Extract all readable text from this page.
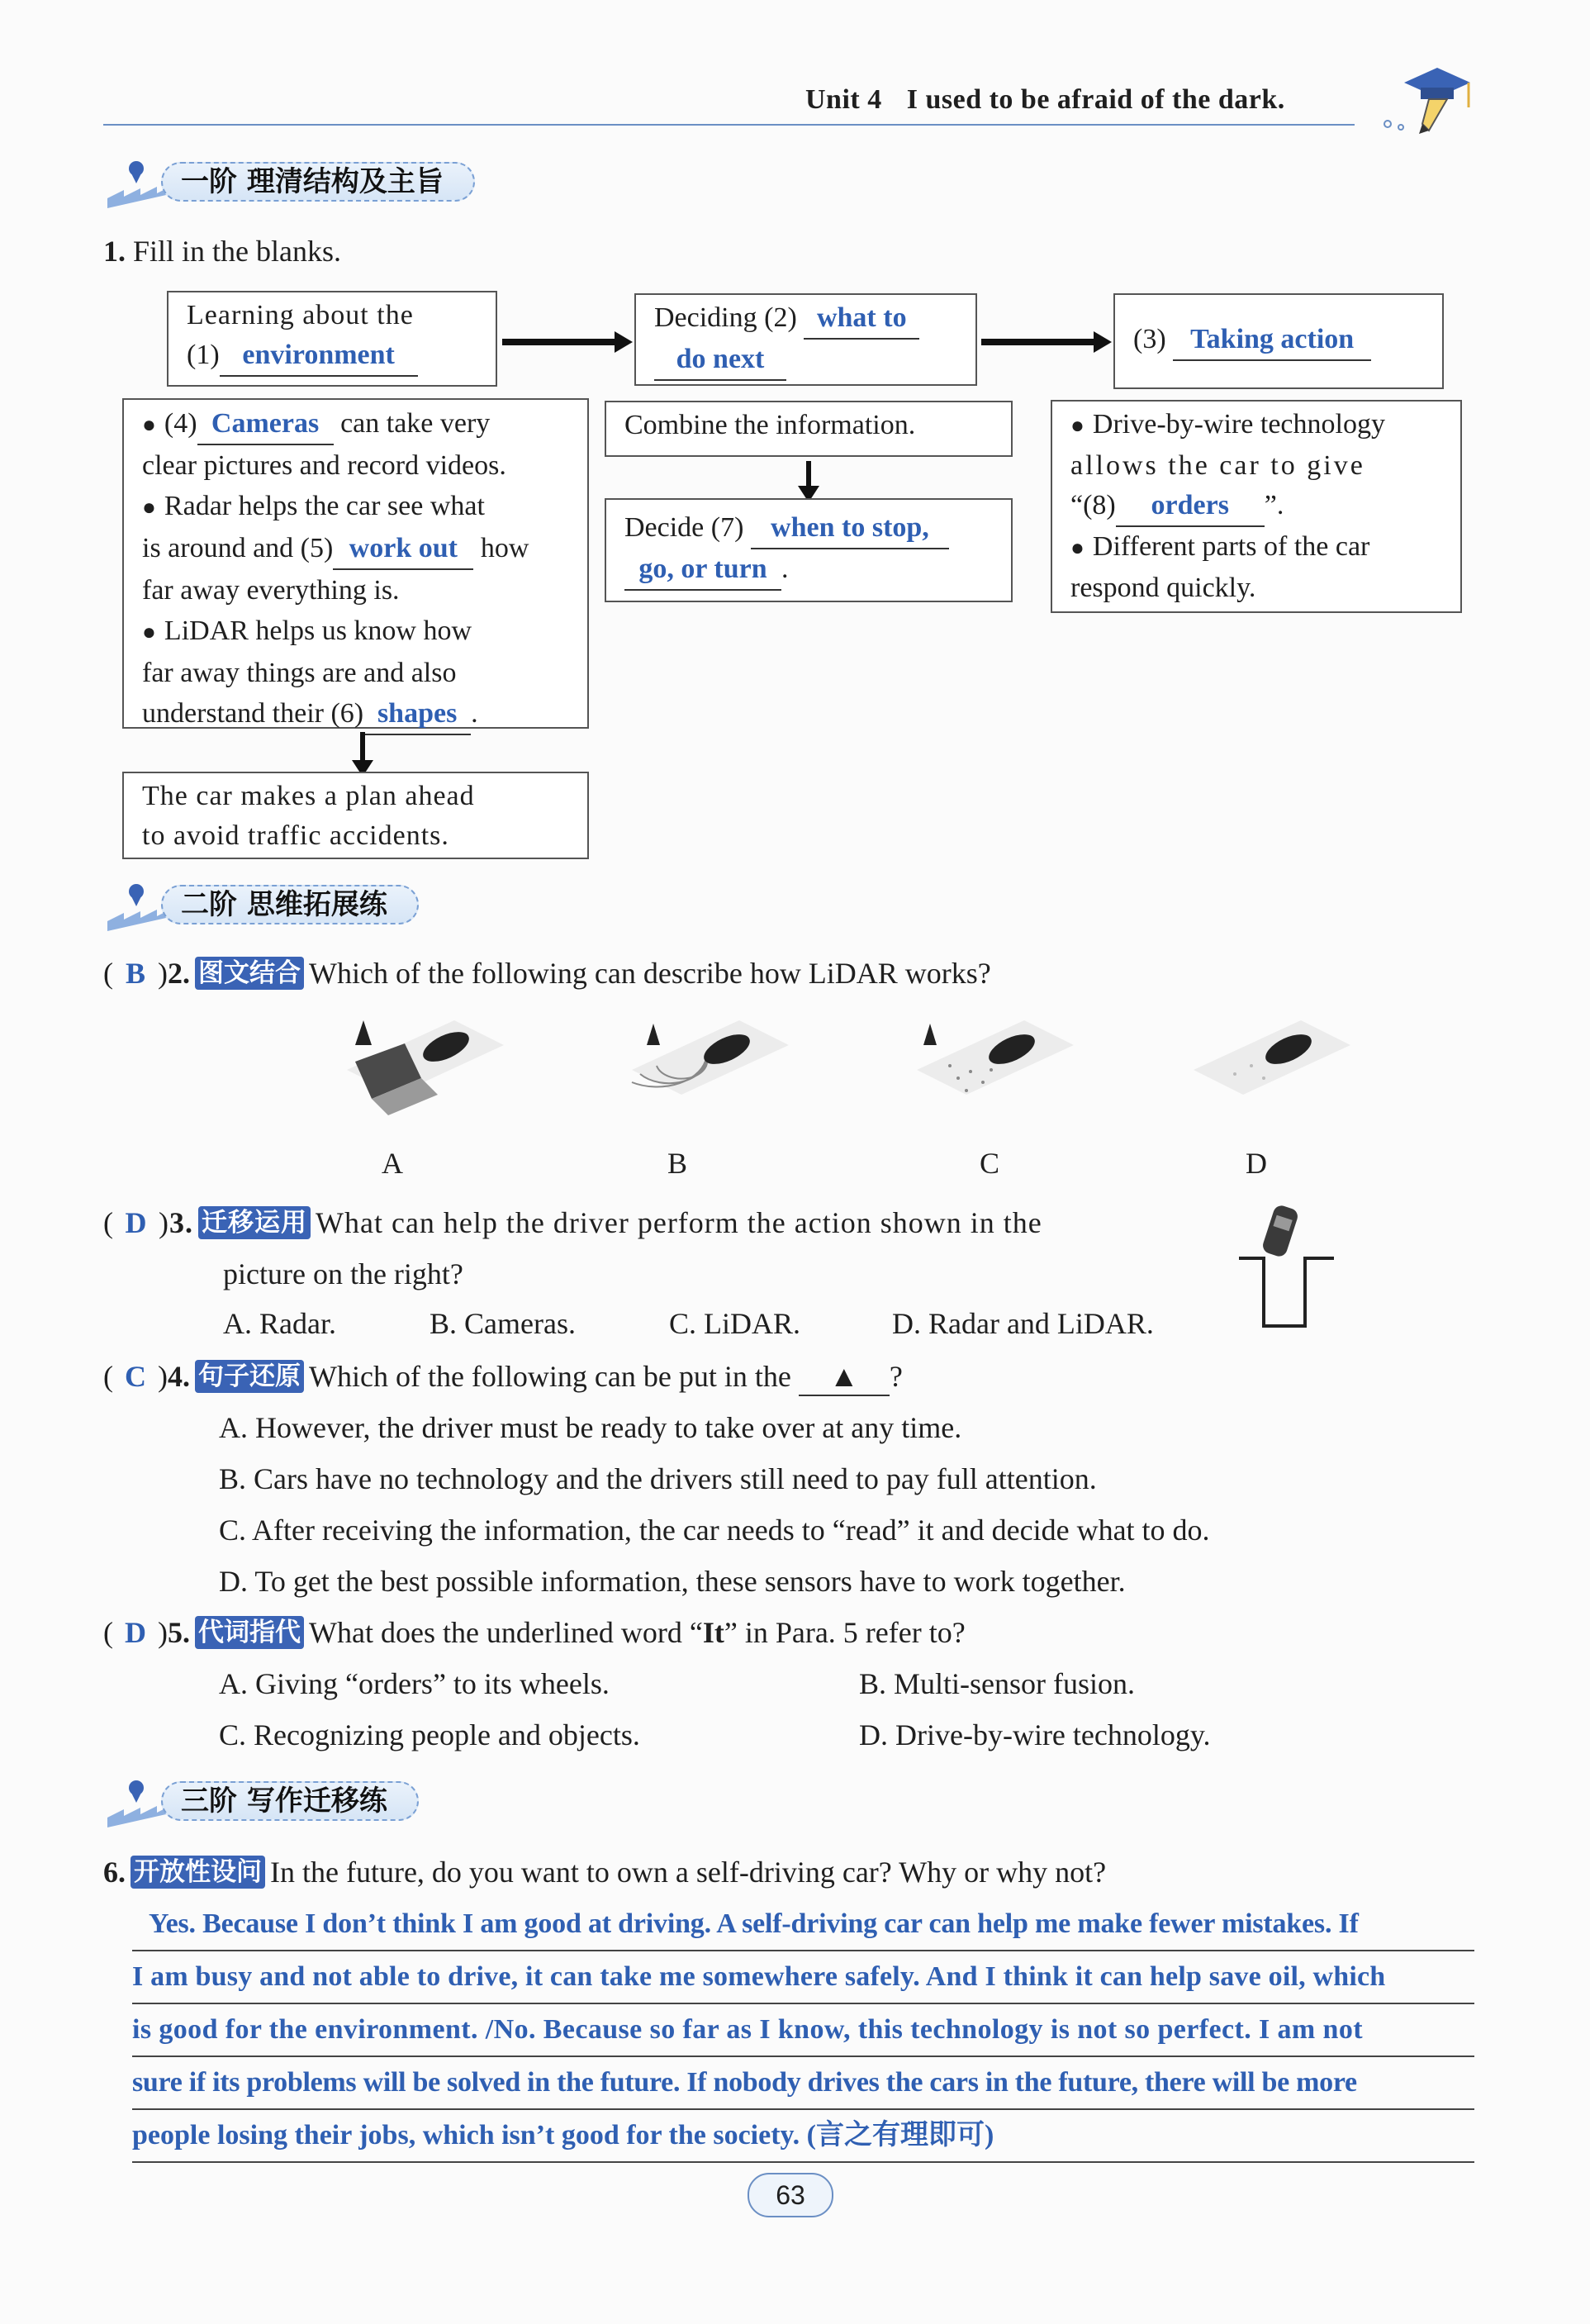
Unit 4 I used to be afraid of the dark.
一阶 理清结构及主旨
1. Fill in the blanks.
Learning about the
(1) environment
Deciding (2) what to
do next
(3) Taking action
● (4) Cameras can take very
clear pictures and record videos.
● Radar helps the car see what
is around and (5) work out how
far away everything is.
● LiDAR helps us know how
far away things are and also
understand their (6) shapes .
The car makes a plan ahead
to avoid traffic accidents.
Combine the information.
Decide (7) when to stop,
go, or turn .
● Drive-by-wire technology
allows the car to give
“(8) orders ”.
● Different parts of the car
respond quickly.
二阶 思维拓展练
( B )2. 图文结合 Which of the following can describe how LiDAR works?
A	B	C	D
( D )3. 迁移运用 What can help the driver perform the action shown in the
picture on the right?
A. Radar.	B. Cameras.	C. LiDAR.	D. Radar and LiDAR.
( C )4. 句子还原 Which of the following can be put in the ▲ ?
A. However, the driver must be ready to take over at any time.
B. Cars have no technology and the drivers still need to pay full attention.
C. After receiving the information, the car needs to “read” it and decide what to do.
D. To get the best possible information, these sensors have to work together.
( D )5. 代词指代 What does the underlined word “It” in Para. 5 refer to?
A. Giving “orders” to its wheels.	B. Multi-sensor fusion.
C. Recognizing people and objects.	D. Drive-by-wire technology.
三阶 写作迁移练
6. 开放性设问 In the future, do you want to own a self-driving car? Why or why not?
Yes. Because I don’t think I am good at driving. A self-driving car can help me make fewer mistakes. If
I am busy and not able to drive, it can take me somewhere safely. And I think it can help save oil, which
is good for the environment. /No. Because so far as I know, this technology is not so perfect. I am not
sure if its problems will be solved in the future. If nobody drives the cars in the future, there will be more
people losing their jobs, which isn’t good for the society. (言之有理即可)
63
